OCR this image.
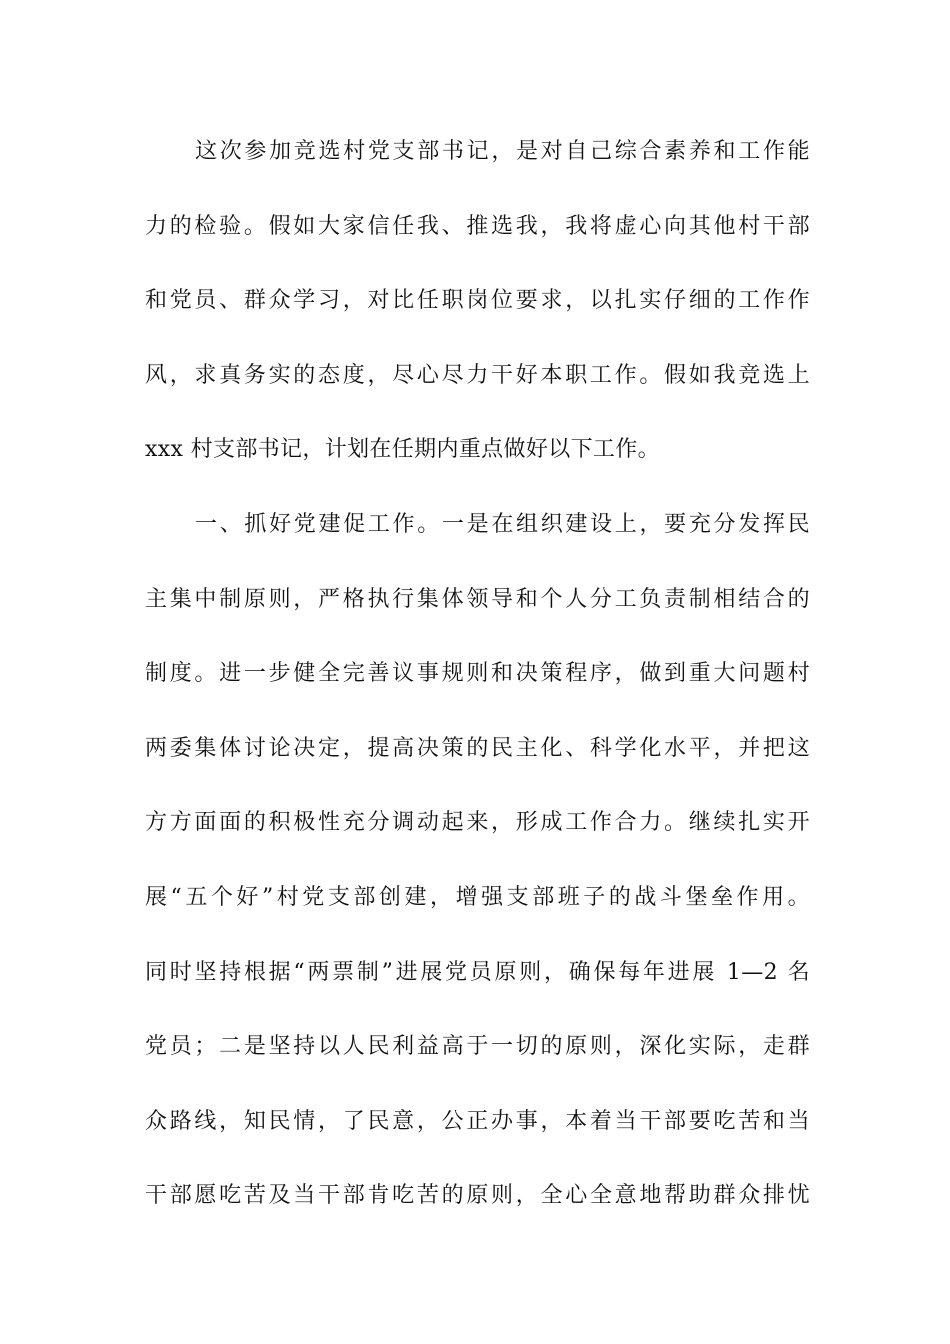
这次参加竞选村党支部书记，是对自己综合素养和工作能
力的检验。假如大家信任我、推选我，我将虚心向其他村干部
和党员、群众学习，对比任职岗位要求，以扎实仔细的工作作
风，求真务实的态度，尽心尽力干好本职工作。假如我竞选上
xxx 村支部书记，计划在任期内重点做好以下工作。
一、抓好党建促工作。一是在组织建设上，要充分发挥民
主集中制原则，严格执行集体领导和个人分工负责制相结合的
制度。进一步健全完善议事规则和决策程序，做到重大问题村
两委集体讨论决定，提高决策的民主化、科学化水平，并把这
方方面面的积极性充分调动起来，形成工作合力。继续扎实开
展“五个好”村党支部创建，增强支部班子的战斗堡垒作用。
同时坚持根据“两票制”进展党员原则，确保每年进展 1—2 名
党员；二是坚持以人民利益高于一切的原则，深化实际，走群
众路线，知民情，了民意，公正办事，本着当干部要吃苦和当
干部愿吃苦及当干部肯吃苦的原则，全心全意地帮助群众排忧
